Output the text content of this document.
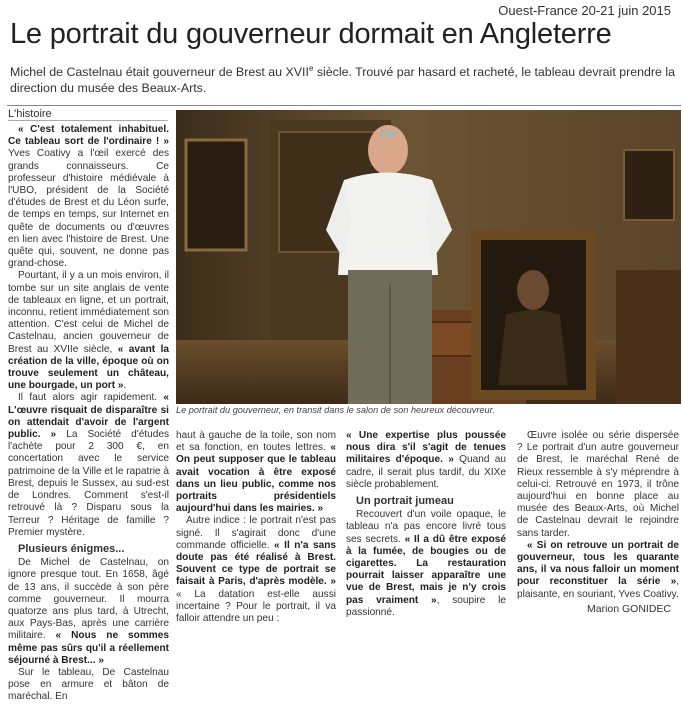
Ouest-France 20-21 juin 2015
Le portrait du gouverneur dormait en Angleterre
Michel de Castelnau était gouverneur de Brest au XVIIe siècle. Trouvé par hasard et racheté, le tableau devrait prendre la direction du musée des Beaux-Arts.
L'histoire

« C'est totalement inhabituel. Ce tableau sort de l'ordinaire ! » Yves Coativy a l'œil exercé des grands connaisseurs. Ce professeur d'histoire médiévale à l'UBO, président de la Société d'études de Brest et du Léon surfe, de temps en temps, sur Internet en quête de documents ou d'œuvres en lien avec l'histoire de Brest. Une quête qui, souvent, ne donne pas grand-chose.

Pourtant, il y a un mois environ, il tombe sur un site anglais de vente de tableaux en ligne, et un portrait, inconnu, retient immédiatement son attention. C'est celui de Michel de Castelnau, ancien gouverneur de Brest au XVIIe siècle, « avant la création de la ville, époque où on trouve seulement un château, une bourgade, un port ».

Il faut alors agir rapidement. « L'œuvre risquait de disparaître si on attendait d'avoir de l'argent public. » La Société d'études l'achète pour 2 300 €, en concertation avec le service patrimoine de la Ville et le rapatrie à Brest, depuis le Sussex, au sud-est de Londres. Comment s'est-il retrouvé là ? Disparu sous la Terreur ? Héritage de famille ? Premier mystère.

Plusieurs énigmes...

De Michel de Castelnau, on ignore presque tout. En 1658, âgé de 13 ans, il succède à son père comme gouverneur. Il mourra quatorze ans plus tard, à Utrecht, aux Pays-Bas, après une carrière militaire. « Nous ne sommes même pas sûrs qu'il a réellement séjourné à Brest... »

Sur le tableau, De Castelnau pose en armure et bâton de maréchal. En

Le portrait du gouverneur, en transit dans le salon de son heureux découvreur.

haut à gauche de la toile, son nom et sa fonction, en toutes lettres. « On peut supposer que le tableau avait vocation à être exposé dans un lieu public, comme nos portraits présidentiels aujourd'hui dans les mairies. »

Autre indice : le portrait n'est pas signé. Il s'agirait donc d'une commande officielle. « Il n'a sans doute pas été réalisé à Brest. Souvent ce type de portrait se faisait à Paris, d'après modèle. » « La datation est-elle aussi incertaine ? Pour le portrait, il va falloir attendre un peu :

« Une expertise plus poussée nous dira s'il s'agit de tenues militaires d'époque. » Quand au cadre, il serait plus tardif, du XIXe siècle probablement.

Un portrait jumeau

Recouvert d'un voile opaque, le tableau n'a pas encore livré tous ses secrets. « Il a dû être exposé à la fumée, de bougies ou de cigarettes. La restauration pourrait laisser apparaître une vue de Brest, mais je n'y crois pas vraiment », soupire le passionné.

Œuvre isolée ou série dispersée ? Le portrait d'un autre gouverneur de Brest, le maréchal René de Rieux ressemble à s'y méprendre à celui-ci. Retrouvé en 1973, il trône aujourd'hui en bonne place au musée des Beaux-Arts, où Michel de Castelnau devrait le rejoindre sans tarder.

« Si on retrouve un portrait de gouverneur, tous les quarante ans, il va nous falloir un moment pour reconstituer la série », plaisante, en souriant, Yves Coativy.

Marion GONIDEC
